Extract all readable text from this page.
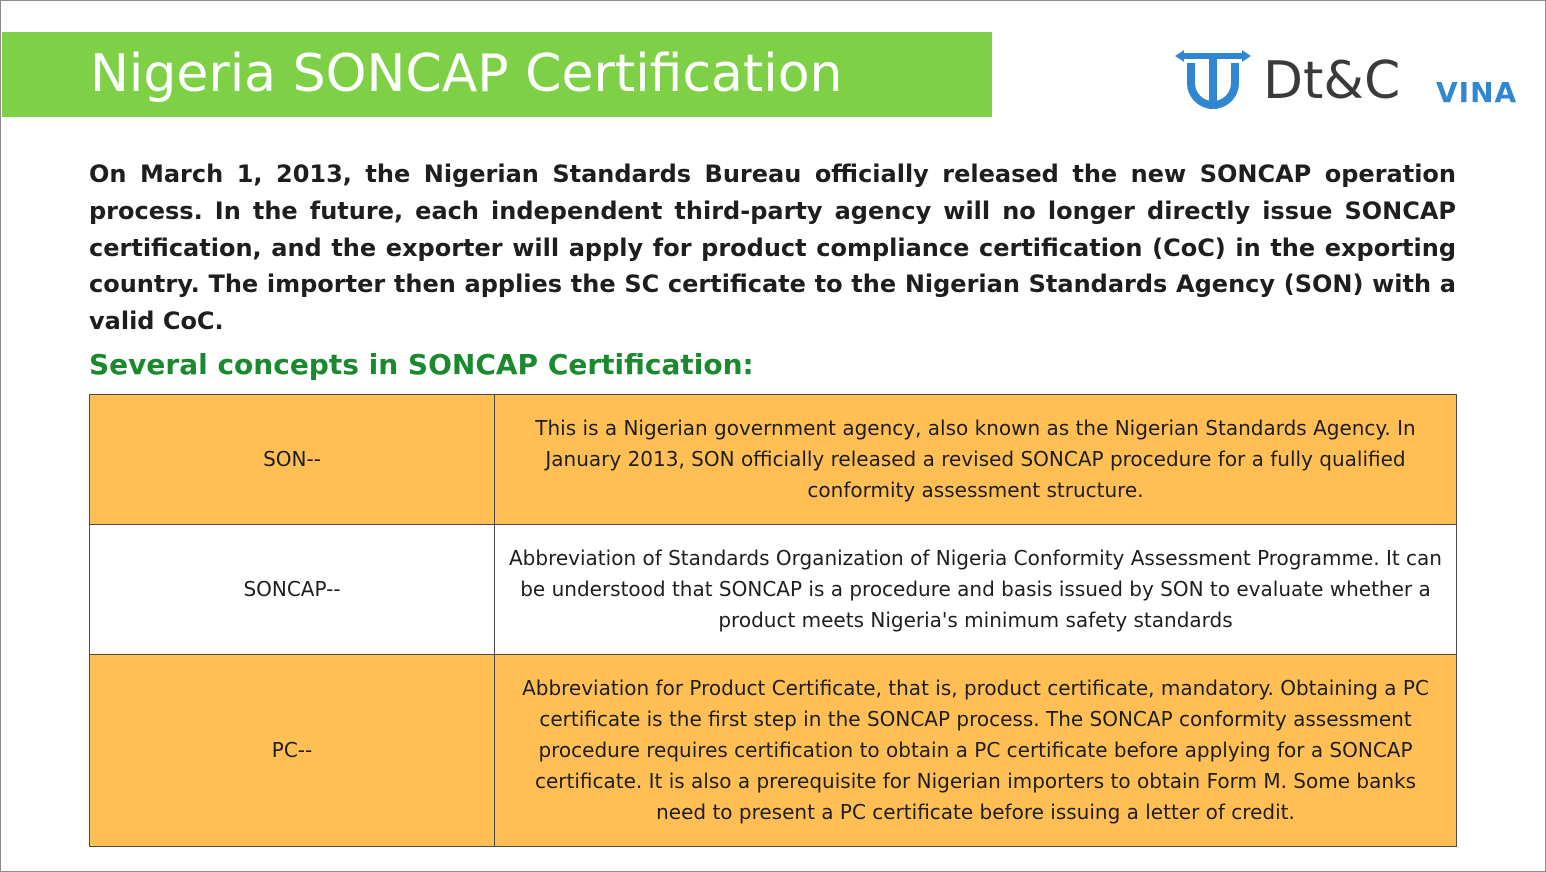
Nigeria SONCAP Certification	Dt&C VINA

On March 1, 2013, the Nigerian Standards Bureau officially released the new SONCAP operation process. In the future, each independent third-party agency will no longer directly issue SONCAP certification, and the exporter will apply for product compliance certification (CoC) in the exporting country. The importer then applies the SC certificate to the Nigerian Standards Agency (SON) with a valid CoC.

Several concepts in SONCAP Certification:
SON--	This is a Nigerian government agency, also known as the Nigerian Standards Agency. In January 2013, SON officially released a revised SONCAP procedure for a fully qualified conformity assessment structure.
SONCAP--	Abbreviation of Standards Organization of Nigeria Conformity Assessment Programme. It can be understood that SONCAP is a procedure and basis issued by SON to evaluate whether a product meets Nigeria's minimum safety standards
PC--	Abbreviation for Product Certificate, that is, product certificate, mandatory. Obtaining a PC certificate is the first step in the SONCAP process. The SONCAP conformity assessment procedure requires certification to obtain a PC certificate before applying for a SONCAP certificate. It is also a prerequisite for Nigerian importers to obtain Form M. Some banks need to present a PC certificate before issuing a letter of credit.
